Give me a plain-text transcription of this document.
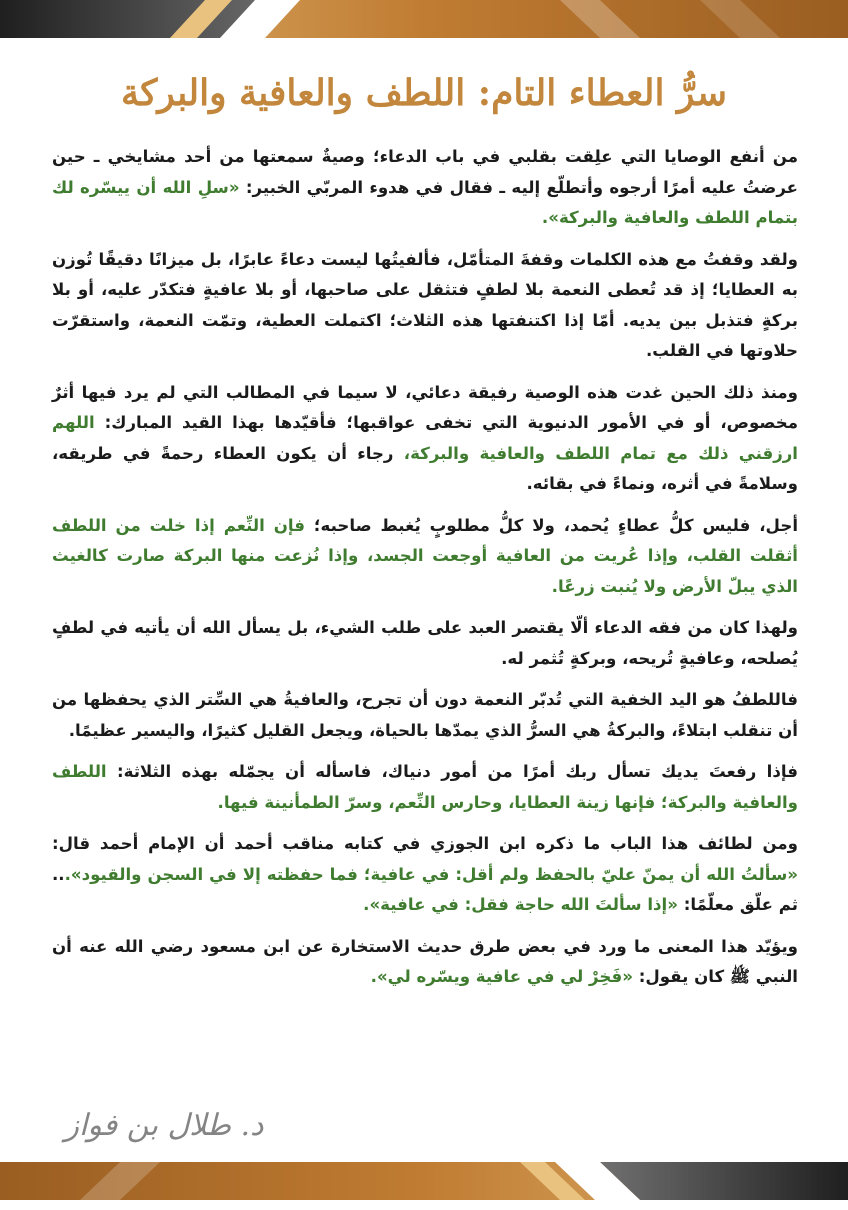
سرُّ العطاء التام: اللطف والعافية والبركة

من أنفع الوصايا التي علِقت بقلبي في باب الدعاء؛ وصيةٌ سمعتها من أحد مشايخي ـ حين عرضتُ عليه أمرًا أرجوه وأتطلّع إليه ـ فقال في هدوء المربّي الخبير: «سلِ الله أن ييسّره لك بتمام اللطف والعافية والبركة».

ولقد وقفتُ مع هذه الكلمات وقفةَ المتأمّل، فألفيتُها ليست دعاءً عابرًا، بل ميزانًا دقيقًا تُوزن به العطايا؛ إذ قد تُعطى النعمة بلا لطفٍ فتثقل على صاحبها، أو بلا عافيةٍ فتكدّر عليه، أو بلا بركةٍ فتذبل بين يديه. أمّا إذا اكتنفتها هذه الثلاث؛ اكتملت العطية، وتمّت النعمة، واستقرّت حلاوتها في القلب.

ومنذ ذلك الحين غدت هذه الوصية رفيقة دعائي، لا سيما في المطالب التي لم يرد فيها أثرٌ مخصوص، أو في الأمور الدنيوية التي تخفى عواقبها؛ فأقيّدها بهذا القيد المبارك: اللهم ارزقني ذلك مع تمام اللطف والعافية والبركة، رجاء أن يكون العطاء رحمةً في طريقه، وسلامةً في أثره، ونماءً في بقائه.

أجل، فليس كلُّ عطاءٍ يُحمد، ولا كلُّ مطلوبٍ يُغبط صاحبه؛ فإن النِّعم إذا خلت من اللطف أثقلت القلب، وإذا عُريت من العافية أوجعت الجسد، وإذا نُزعت منها البركة صارت كالغيث الذي يبلّ الأرض ولا يُنبت زرعًا.

ولهذا كان من فقه الدعاء ألّا يقتصر العبد على طلب الشيء، بل يسأل الله أن يأتيه في لطفٍ يُصلحه، وعافيةٍ تُريحه، وبركةٍ تُثمر له.

فاللطفُ هو اليد الخفية التي تُدبّر النعمة دون أن تجرح، والعافيةُ هي السِّتر الذي يحفظها من أن تنقلب ابتلاءً، والبركةُ هي السرُّ الذي يمدّها بالحياة، ويجعل القليل كثيرًا، واليسير عظيمًا.

فإذا رفعتَ يديك تسأل ربك أمرًا من أمور دنياك، فاسأله أن يجمّله بهذه الثلاثة: اللطف والعافية والبركة؛ فإنها زينة العطايا، وحارس النِّعم، وسرّ الطمأنينة فيها.

ومن لطائف هذا الباب ما ذكره ابن الجوزي في كتابه مناقب أحمد أن الإمام أحمد قال: «سألتُ الله أن يمنّ عليّ بالحفظ ولم أقل: في عافية؛ فما حفظته إلا في السجن والقيود»... ثم علّق معلّمًا: «إذا سألتَ الله حاجة فقل: في عافية».

ويؤيّد هذا المعنى ما ورد في بعض طرق حديث الاستخارة عن ابن مسعود رضي الله عنه أن النبي ﷺ كان يقول: «فَخِرْ لي في عافية ويسّره لي».

د. طلال بن فواز
